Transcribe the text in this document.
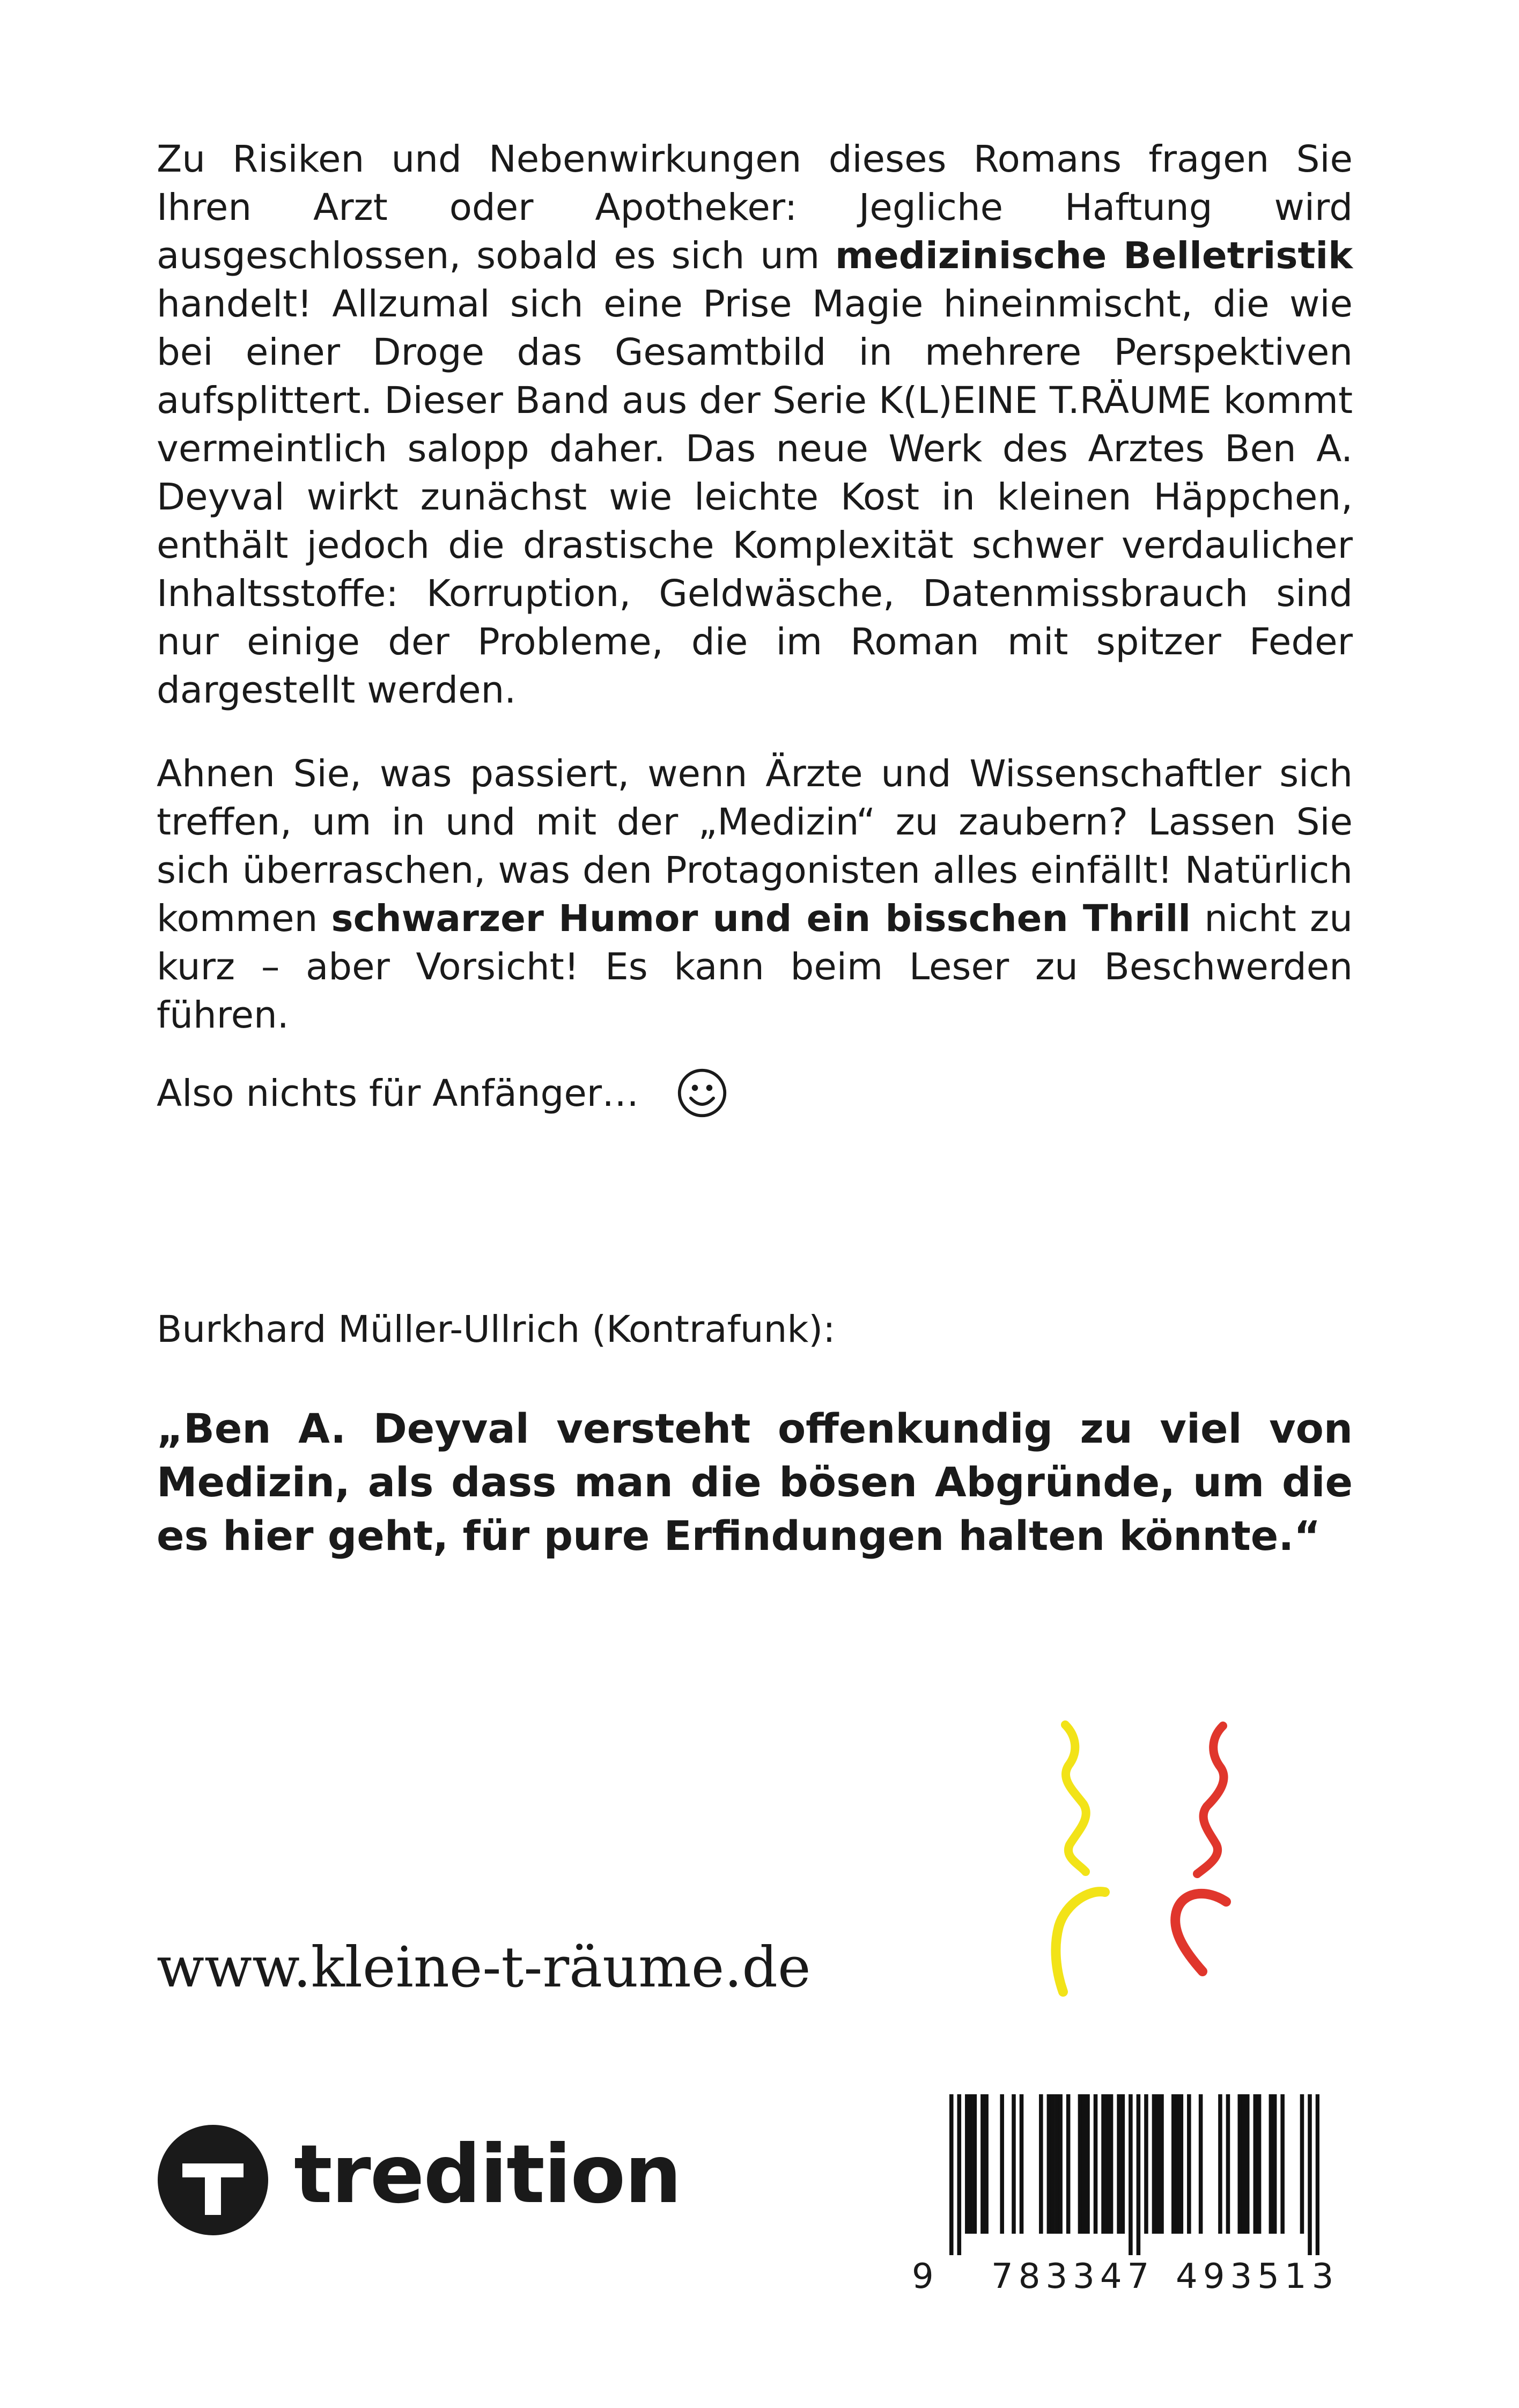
Zu Risiken und Nebenwirkungen dieses Romans fragen Sie Ihren Arzt oder Apotheker: Jegliche Haftung wird ausgeschlossen, sobald es sich um medizinische Belletristik handelt! Allzumal sich eine Prise Magie hineinmischt, die wie bei einer Droge das Gesamtbild in mehrere Perspektiven aufsplittert. Dieser Band aus der Serie K(L)EINE T.RÄUME kommt vermeintlich salopp daher. Das neue Werk des Arztes Ben A. Deyval wirkt zunächst wie leichte Kost in kleinen Häppchen, enthält jedoch die drastische Komplexität schwer verdaulicher Inhaltsstoffe: Korruption, Geldwäsche, Datenmissbrauch sind nur einige der Probleme, die im Roman mit spitzer Feder dargestellt werden.

Ahnen Sie, was passiert, wenn Ärzte und Wissenschaftler sich treffen, um in und mit der „Medizin“ zu zaubern? Lassen Sie sich überraschen, was den Protagonisten alles einfällt! Natürlich kommen schwarzer Humor und ein bisschen Thrill nicht zu kurz – aber Vorsicht! Es kann beim Leser zu Beschwerden führen.

Also nichts für Anfänger…

Burkhard Müller-Ullrich (Kontrafunk):

„Ben A. Deyval versteht offenkundig zu viel von Medizin, als dass man die bösen Abgründe, um die es hier geht, für pure Erfindungen halten könnte.“

www.kleine-t-räume.de
tredition
9 783347 493513
